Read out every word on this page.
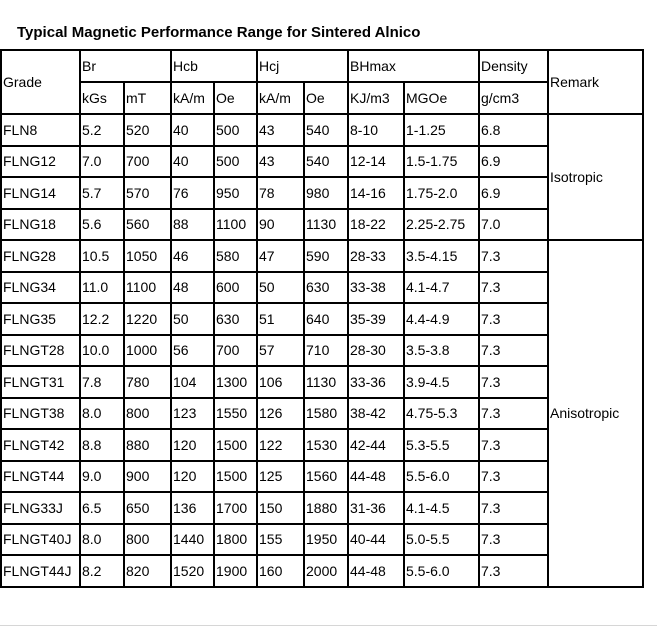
Typical Magnetic Performance Range for Sintered Alnico
Grade	Br		Hcb		Hcj		BHmax		Density	Remark
	kGs	mT	kA/m	Oe	kA/m	Oe	KJ/m3	MGOe	g/cm3	
FLN8	5.2	520	40	500	43	540	8-10	1-1.25	6.8	Isotropic
FLNG12	7.0	700	40	500	43	540	12-14	1.5-1.75	6.9	
FLNG14	5.7	570	76	950	78	980	14-16	1.75-2.0	6.9	
FLNG18	5.6	560	88	1100	90	1130	18-22	2.25-2.75	7.0	
FLNG28	10.5	1050	46	580	47	590	28-33	3.5-4.15	7.3	Anisotropic
FLNG34	11.0	1100	48	600	50	630	33-38	4.1-4.7	7.3	
FLNG35	12.2	1220	50	630	51	640	35-39	4.4-4.9	7.3	
FLNGT28	10.0	1000	56	700	57	710	28-30	3.5-3.8	7.3	
FLNGT31	7.8	780	104	1300	106	1130	33-36	3.9-4.5	7.3	
FLNGT38	8.0	800	123	1550	126	1580	38-42	4.75-5.3	7.3	
FLNGT42	8.8	880	120	1500	122	1530	42-44	5.3-5.5	7.3	
FLNGT44	9.0	900	120	1500	125	1560	44-48	5.5-6.0	7.3	
FLNG33J	6.5	650	136	1700	150	1880	31-36	4.1-4.5	7.3	
FLNGT40J	8.0	800	1440	1800	155	1950	40-44	5.0-5.5	7.3	
FLNGT44J	8.2	820	1520	1900	160	2000	44-48	5.5-6.0	7.3	
